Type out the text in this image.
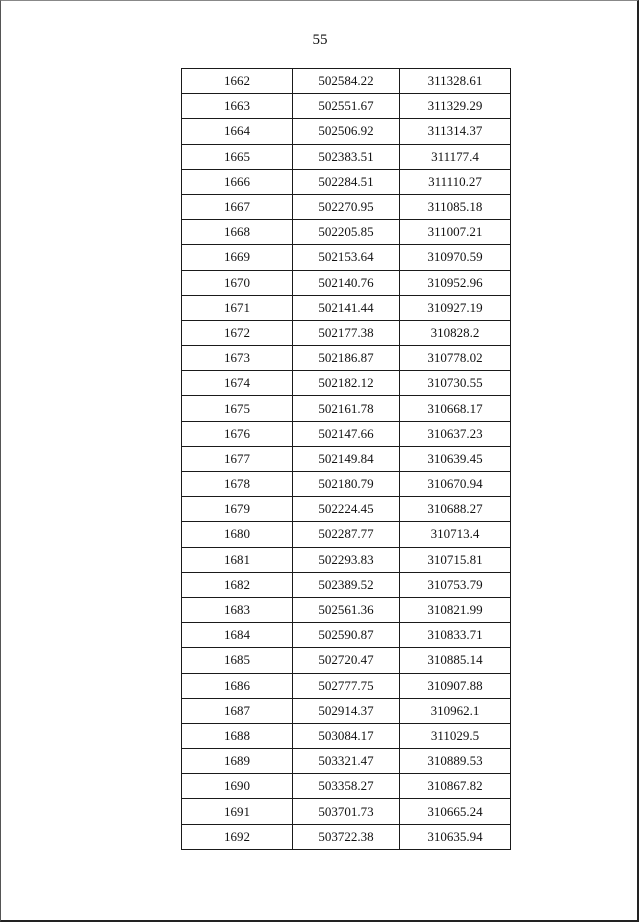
55
1662	502584.22	311328.61
1663	502551.67	311329.29
1664	502506.92	311314.37
1665	502383.51	311177.4
1666	502284.51	311110.27
1667	502270.95	311085.18
1668	502205.85	311007.21
1669	502153.64	310970.59
1670	502140.76	310952.96
1671	502141.44	310927.19
1672	502177.38	310828.2
1673	502186.87	310778.02
1674	502182.12	310730.55
1675	502161.78	310668.17
1676	502147.66	310637.23
1677	502149.84	310639.45
1678	502180.79	310670.94
1679	502224.45	310688.27
1680	502287.77	310713.4
1681	502293.83	310715.81
1682	502389.52	310753.79
1683	502561.36	310821.99
1684	502590.87	310833.71
1685	502720.47	310885.14
1686	502777.75	310907.88
1687	502914.37	310962.1
1688	503084.17	311029.5
1689	503321.47	310889.53
1690	503358.27	310867.82
1691	503701.73	310665.24
1692	503722.38	310635.94
